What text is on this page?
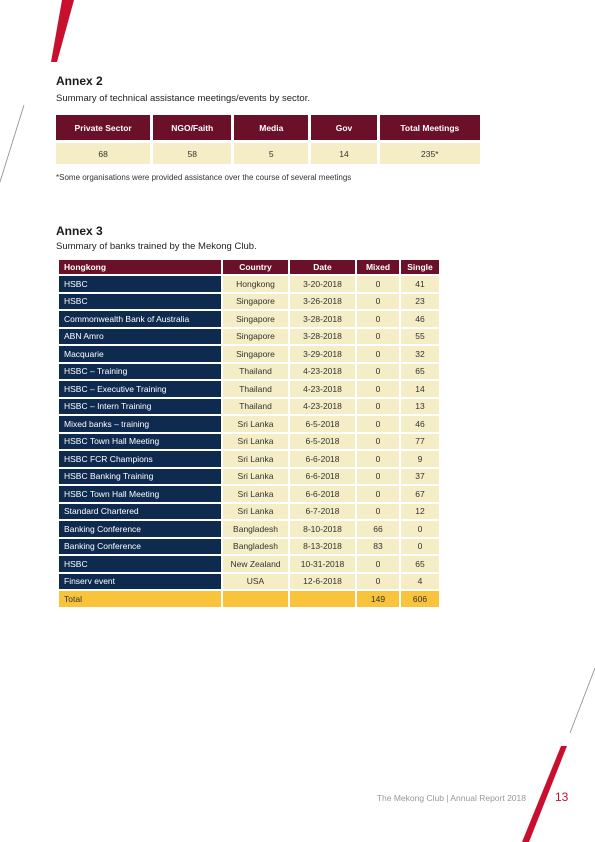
Annex 2
Summary of technical assistance meetings/events by sector.
Private Sector	NGO/Faith	Media	Gov	Total Meetings
68	58	5	14	235*
*Some organisations were provided assistance over the course of several meetings
Annex 3
Summary of banks trained by the Mekong Club.
Hongkong	Country	Date	Mixed	Single
HSBC	Hongkong	3-20-2018	0	41
HSBC	Singapore	3-26-2018	0	23
Commonwealth Bank of Australia	Singapore	3-28-2018	0	46
ABN Amro	Singapore	3-28-2018	0	55
Macquarie	Singapore	3-29-2018	0	32
HSBC – Training	Thailand	4-23-2018	0	65
HSBC – Executive Training	Thailand	4-23-2018	0	14
HSBC – Intern Training	Thailand	4-23-2018	0	13
Mixed banks – training	Sri Lanka	6-5-2018	0	46
HSBC Town Hall Meeting	Sri Lanka	6-5-2018	0	77
HSBC FCR Champions	Sri Lanka	6-6-2018	0	9
HSBC Banking Training	Sri Lanka	6-6-2018	0	37
HSBC Town Hall Meeting	Sri Lanka	6-6-2018	0	67
Standard Chartered	Sri Lanka	6-7-2018	0	12
Banking Conference	Bangladesh	8-10-2018	66	0
Banking Conference	Bangladesh	8-13-2018	83	0
HSBC	New Zealand	10-31-2018	0	65
Finserv event	USA	12-6-2018	0	4
Total			149	606
The Mekong Club | Annual Report 2018 13
